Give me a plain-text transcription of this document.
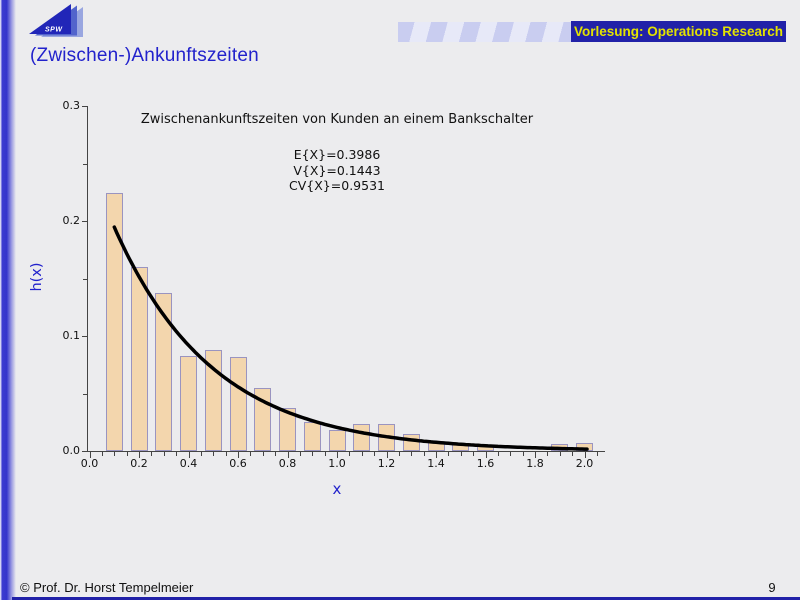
Vorlesung: Operations Research
SPW
(Zwischen-)Ankunftszeiten
Zwischenankunftszeiten von Kunden an einem Bankschalter
E{X}=0.3986
V{X}=0.1443
CV{X}=0.9531
h(x)
x
0.0
0.1
0.2
0.3
0.0	0.2	0.4	0.6	0.8	1.0	1.2	1.4	1.6	1.8	2.0
© Prof. Dr. Horst Tempelmeier	9
